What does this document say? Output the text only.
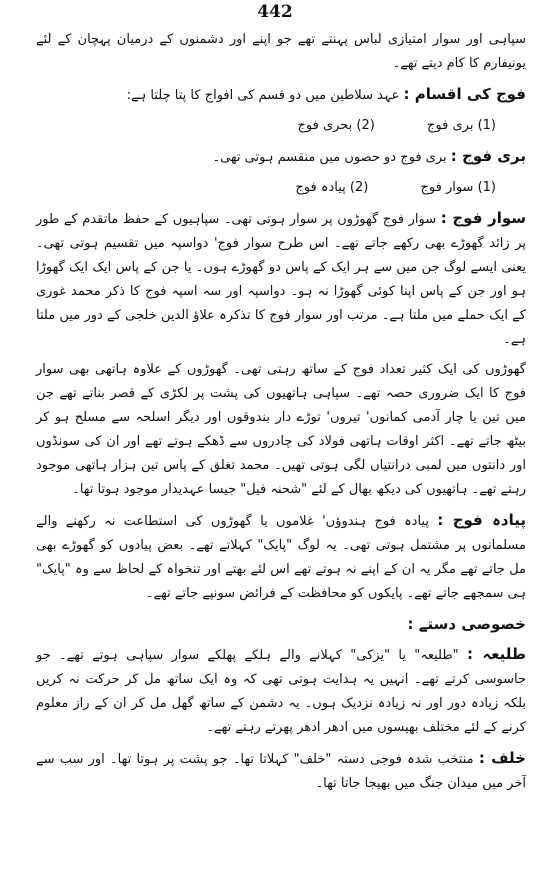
442

سپاہی اور سوار امتیازی لباس پہنتے تھے جو اپنے اور دشمنوں کے درمیان پہچان کے لئے یونیفارم کا کام دیتے تھے۔

فوج کی اقسام : عہد سلاطین میں دو قسم کی افواج کا پتا چلتا ہے:

(1) بری فوج (2) بحری فوج

بری فوج : بری فوج دو حصوں میں منقسم ہوتی تھی۔

(1) سوار فوج (2) پیادہ فوج

سوار فوج : سوار فوج گھوڑوں پر سوار ہوتی تھی۔ سپاہیوں کے حفظ ماتقدم کے طور پر زائد گھوڑے بھی رکھے جاتے تھے۔ اس طرح سوار فوج' دواسپہ میں تقسیم ہوتی تھی۔ یعنی ایسے لوگ جن میں سے ہر ایک کے پاس دو گھوڑے ہوں۔ یا جن کے پاس ایک ایک گھوڑا ہو اور جن کے پاس اپنا کوئی گھوڑا نہ ہو۔ دواسپہ اور سہ اسپہ فوج کا ذکر محمد غوری کے ایک حملے میں ملتا ہے۔ مرتب اور سوار فوج کا تذکرہ علاؤ الدین خلجی کے دور میں ملتا ہے۔

گھوڑوں کی ایک کثیر تعداد فوج کے ساتھ رہتی تھی۔ گھوڑوں کے علاوہ ہاتھی بھی سوار فوج کا ایک ضروری حصہ تھے۔ سپاہی ہاتھیوں کی پشت پر لکڑی کے قصر بناتے تھے جن میں تین یا چار آدمی کمانوں' تیروں' توڑے دار بندوقوں اور دیگر اسلحہ سے مسلح ہو کر بیٹھ جاتے تھے۔ اکثر اوقات ہاتھی فولاد کی چادروں سے ڈھکے ہوتے تھے اور ان کی سونڈوں اور دانتوں میں لمبی درانتیاں لگی ہوتی تھیں۔ محمد تغلق کے پاس تین ہزار ہاتھی موجود رہتے تھے۔ ہاتھیوں کی دیکھ بھال کے لئے "شحنہ فیل" جیسا عہدیدار موجود ہوتا تھا۔

پیادہ فوج : پیادہ فوج ہندوؤں' غلاموں یا گھوڑوں کی استطاعت نہ رکھنے والے مسلمانوں پر مشتمل ہوتی تھی۔ یہ لوگ "پایک" کہلاتے تھے۔ بعض پیادوں کو گھوڑے بھی مل جاتے تھے مگر یہ ان کے اپنے نہ ہوتے تھے اس لئے بھتے اور تنخواہ کے لحاظ سے وہ "پایک" ہی سمجھے جاتے تھے۔ پایکوں کو محافظت کے فرائض سونپے جاتے تھے۔

خصوصی دستے :

طلیعہ : "طلیعہ" یا "یزکی" کہلانے والے ہلکے پھلکے سوار سپاہی ہوتے تھے۔ جو جاسوسی کرتے تھے۔ انہیں یہ ہدایت ہوتی تھی کہ وہ ایک ساتھ مل کر حرکت نہ کریں بلکہ زیادہ دور اور نہ زیادہ نزدیک ہوں۔ یہ دشمن کے ساتھ گھل مل کر ان کے راز معلوم کرنے کے لئے مختلف بھیسوں میں ادھر ادھر پھرتے رہتے تھے۔

خلف : منتخب شدہ فوجی دستہ "خلف" کہلاتا تھا۔ جو پشت پر ہوتا تھا۔ اور سب سے آخر میں میدان جنگ میں بھیجا جاتا تھا۔
